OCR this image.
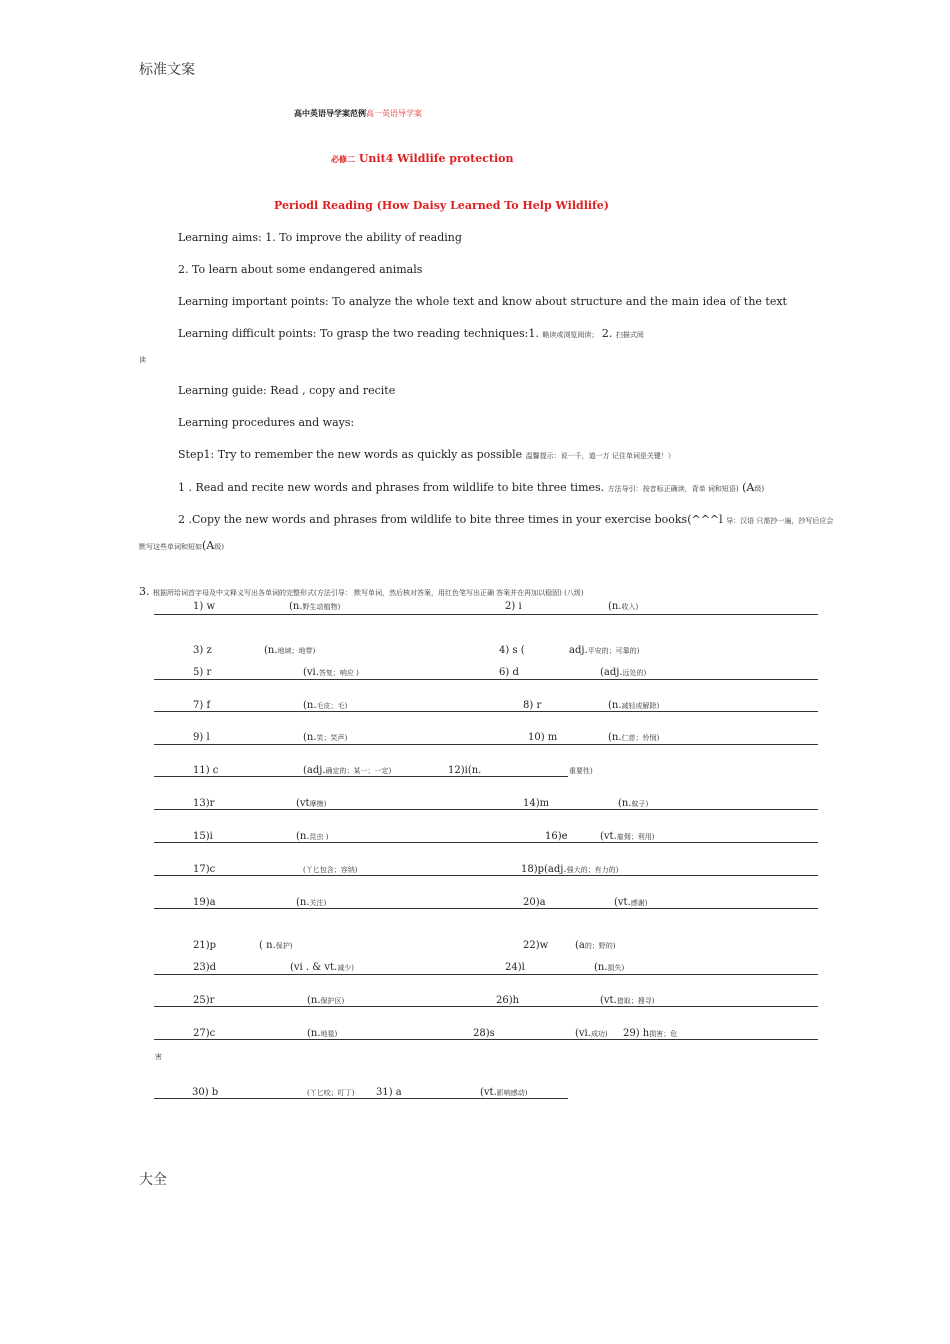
标准文案
大全
高中英语导学案范例高一英语导学案
必修二 Unit4 Wildlife protection
Periodl Reading (How Daisy Learned To Help Wildlife)
Learning aims: 1. To improve the ability of reading
2. To learn about some endangered animals
Learning important points: To analyze the whole text and know about structure and the main idea of the text
Learning difficult points: To grasp the two reading techniques:1. 略读或浏览阅读； 2. 扫描式阅
读
Learning guide: Read , copy and recite
Learning procedures and ways:
Step1: Try to remember the new words as quickly as possible 温馨提示：说一千，道一万 记住单词是关键！）
1 . Read and recite new words and phrases from wildlife to bite three times. 方法导引：按音标正确读，背单 词和短语) (A级)
2 .Copy the new words and phrases from wildlife to bite three times in your exercise books(^^^l 导：汉语 只需抄一遍，抄写后应会
默写这些单词和短如(A级)
3. 根据所给词首字母及中文释义写出各单词的完整形式(方法引导： 默写单词，然后核对答案，用红色笔写出正确 答案并在再加以稳固) (八级)
1) w	(n.野生动植物)	2) i	(n.收入)
3) z	(n.地域；地带)	4) s (	adj.平安的；可靠的)
5) r	(vi.答复；响应 )	6) d	(adj.远处的)
7) f	(n.毛皮；毛)	8) r	(n.减轻或解除)
9) l	(n.笑；笑声)	10) m	(n.仁慈；怜悯)
11) c	(adj.确定的；某一；一定)	12)i(n.	重要性)
13)r	(vt摩擦)	14)m	(n.蚊子)
15)i	(n.昆虫 )	16)e	(vt.雇佣；利用)
17)c	(丫匕包含；容纳)	18)p(adj.强大的；有力的)
19)a	(n.关注)	20)a	(vt.感谢)
21)p	( n.保护)	22)w	(a的；野的)
23)d	(vi . & vt.减少)	24)l	(n.损失)
25)r	(n.保护区)	26)h	(vt.猎取；搜寻)
27)c	(n.地毯)	28)s	(vi.成功) 29) h损害；危
害
30) b	(丫匕咬；叮丁) 31) a	(vt.影响感动)
